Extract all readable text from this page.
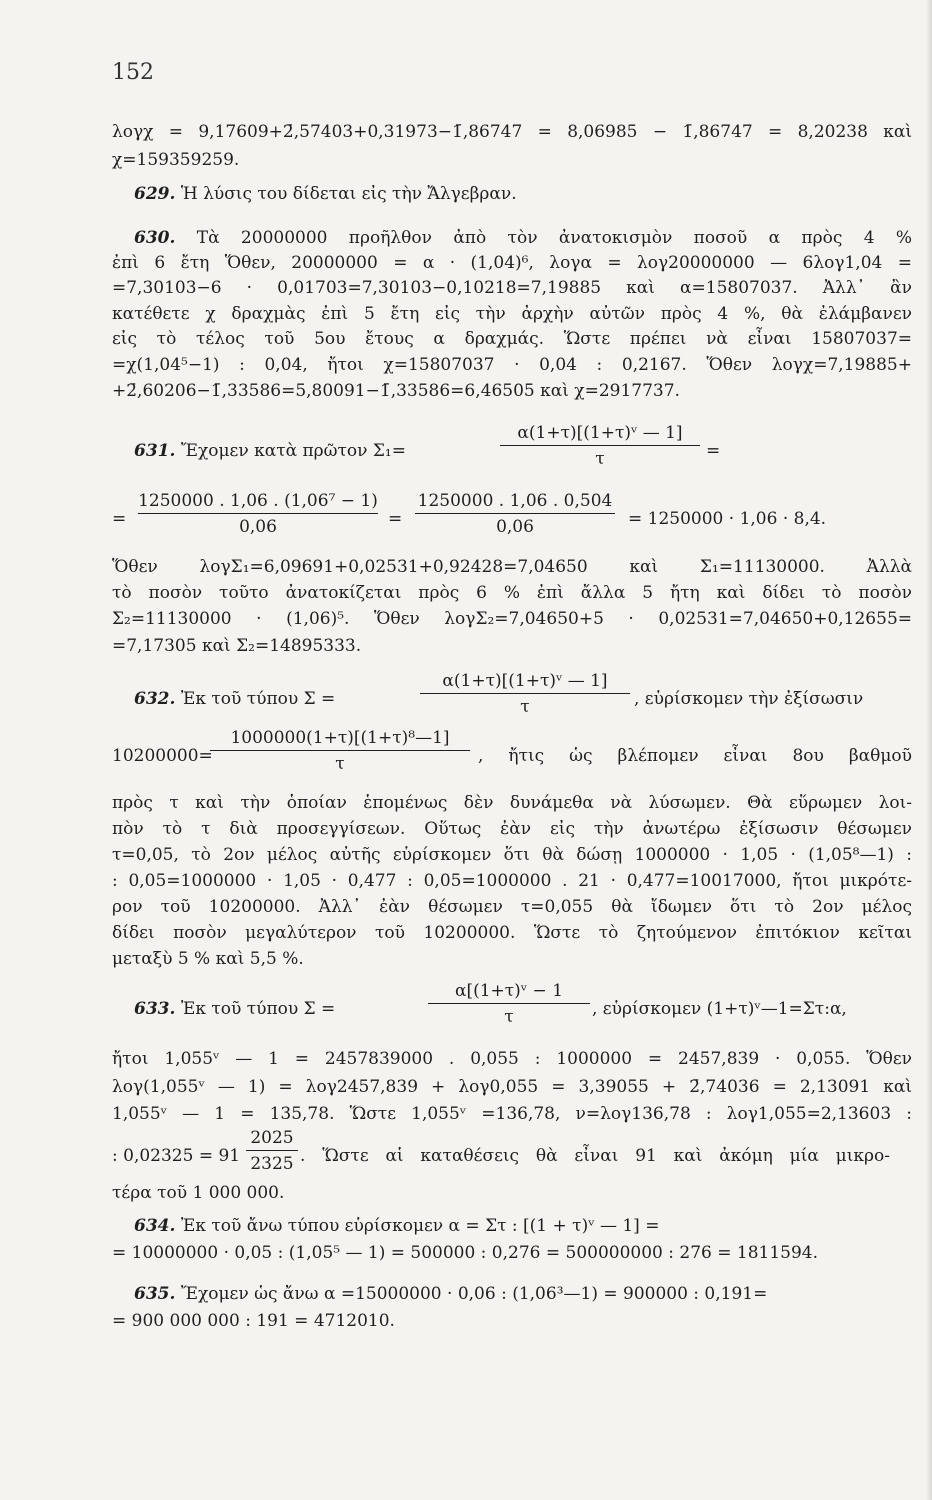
152
λογχ = 9,17609+2̄,57403+0,31973−1̄,86747 = 8,06985 − 1̄,86747 = 8,20238 καὶ
χ=159359259.
629. Ἡ λύσις του δίδεται εἰς τὴν Ἄλγεβραν.
630. Τὰ 20000000 προῆλθον ἀπὸ τὸν ἀνατοκισμὸν ποσοῦ α πρὸς 4 %
ἐπὶ 6 ἔτη Ὅθεν, 20000000 = α · (1,04)⁶, λογα = λογ20000000 — 6λογ1,04 =
=7,30103−6 · 0,01703=7,30103−0,10218=7,19885 καὶ α=15807037. Ἀλλ᾽ ἂν
κατέθετε χ δραχμὰς ἐπὶ 5 ἔτη εἰς τὴν ἀρχὴν αὐτῶν πρὸς 4 %, θὰ ἐλάμβανεν
εἰς τὸ τέλος τοῦ 5ου ἔτους α δραχμάς. Ὥστε πρέπει νὰ εἶναι 15807037=
=χ(1,04⁵−1) : 0,04, ἤτοι χ=15807037 · 0,04 : 0,2167. Ὅθεν λογχ=7,19885+
+2̄,60206−1̄,33586=5,80091−1̄,33586=6,46505 καὶ χ=2917737.
631. Ἔχομεν κατὰ πρῶτον Σ₁=
α(1+τ)[(1+τ)ᵛ — 1]
τ	=
=
1250000 . 1,06 . (1,06⁷ − 1)
0,06	=
1250000 . 1,06 . 0,504
0,06	= 1250000 · 1,06 · 8,4.
Ὅθεν λογΣ₁=6,09691+0,02531+0,92428=7,04650 καὶ Σ₁=11130000. Ἀλλὰ
τὸ ποσὸν τοῦτο ἀνατοκίζεται πρὸς 6 % ἐπὶ ἄλλα 5 ἤτη καὶ δίδει τὸ ποσὸν
Σ₂=11130000 · (1,06)⁵. Ὅθεν λογΣ₂=7,04650+5 · 0,02531=7,04650+0,12655=
=7,17305 καὶ Σ₂=14895333.
632. Ἐκ τοῦ τύπου Σ =
α(1+τ)[(1+τ)ᵛ — 1]
τ	, εὑρίσκομεν τὴν ἐξίσωσιν
10200000=
1000000(1+τ)[(1+τ)⁸—1]
τ	, ἤτις ὡς βλέπομεν εἶναι 8ου βαθμοῦ
πρὸς τ καὶ τὴν ὁποίαν ἑπομένως δὲν δυνάμεθα νὰ λύσωμεν. Θὰ εὕρωμεν λοι-
πὸν τὸ τ διὰ προσεγγίσεων. Οὕτως ἐὰν εἰς τὴν ἀνωτέρω ἐξίσωσιν θέσωμεν
τ=0,05, τὸ 2ον μέλος αὐτῆς εὑρίσκομεν ὅτι θὰ δώσῃ 1000000 · 1,05 · (1,05⁸—1) :
: 0,05=1000000 · 1,05 · 0,477 : 0,05=1000000 . 21 · 0,477=10017000, ἤτοι μικρότε-
ρον τοῦ 10200000. Ἀλλ᾽ ἐὰν θέσωμεν τ=0,055 θὰ ἴδωμεν ὅτι τὸ 2ον μέλος
δίδει ποσὸν μεγαλύτερον τοῦ 10200000. Ὥστε τὸ ζητούμενον ἐπιτόκιον κεῖται
μεταξὺ 5 % καὶ 5,5 %.
633. Ἐκ τοῦ τύπου Σ =
α[(1+τ)ᵛ − 1
τ	, εὑρίσκομεν (1+τ)ᵛ—1=Στ:α,
ἤτοι 1,055ᵛ — 1 = 2457839000 . 0,055 : 1000000 = 2457,839 · 0,055. Ὅθεν
λογ(1,055ᵛ — 1) = λογ2457,839 + λογ0,055 = 3,39055 + 2̄,74036 = 2,13091 καὶ
1,055ᵛ — 1 = 135,78. Ὥστε 1,055ᵛ =136,78, ν=λογ136,78 : λογ1,055=2,13603 :
: 0,02325 = 91
2025
2325 . Ὥστε αἱ καταθέσεις θὰ εἶναι 91 καὶ ἀκόμη μία μικρο-
τέρα τοῦ 1 000 000.
634. Ἐκ τοῦ ἄνω τύπου εὑρίσκομεν α = Στ : [(1 + τ)ᵛ — 1] =
= 10000000 · 0,05 : (1,05⁵ — 1) = 500000 : 0,276 = 500000000 : 276 = 1811594.
635. Ἔχομεν ὡς ἄνω α =15000000 · 0,06 : (1,06³—1) = 900000 : 0,191=
= 900 000 000 : 191 = 4712010.
